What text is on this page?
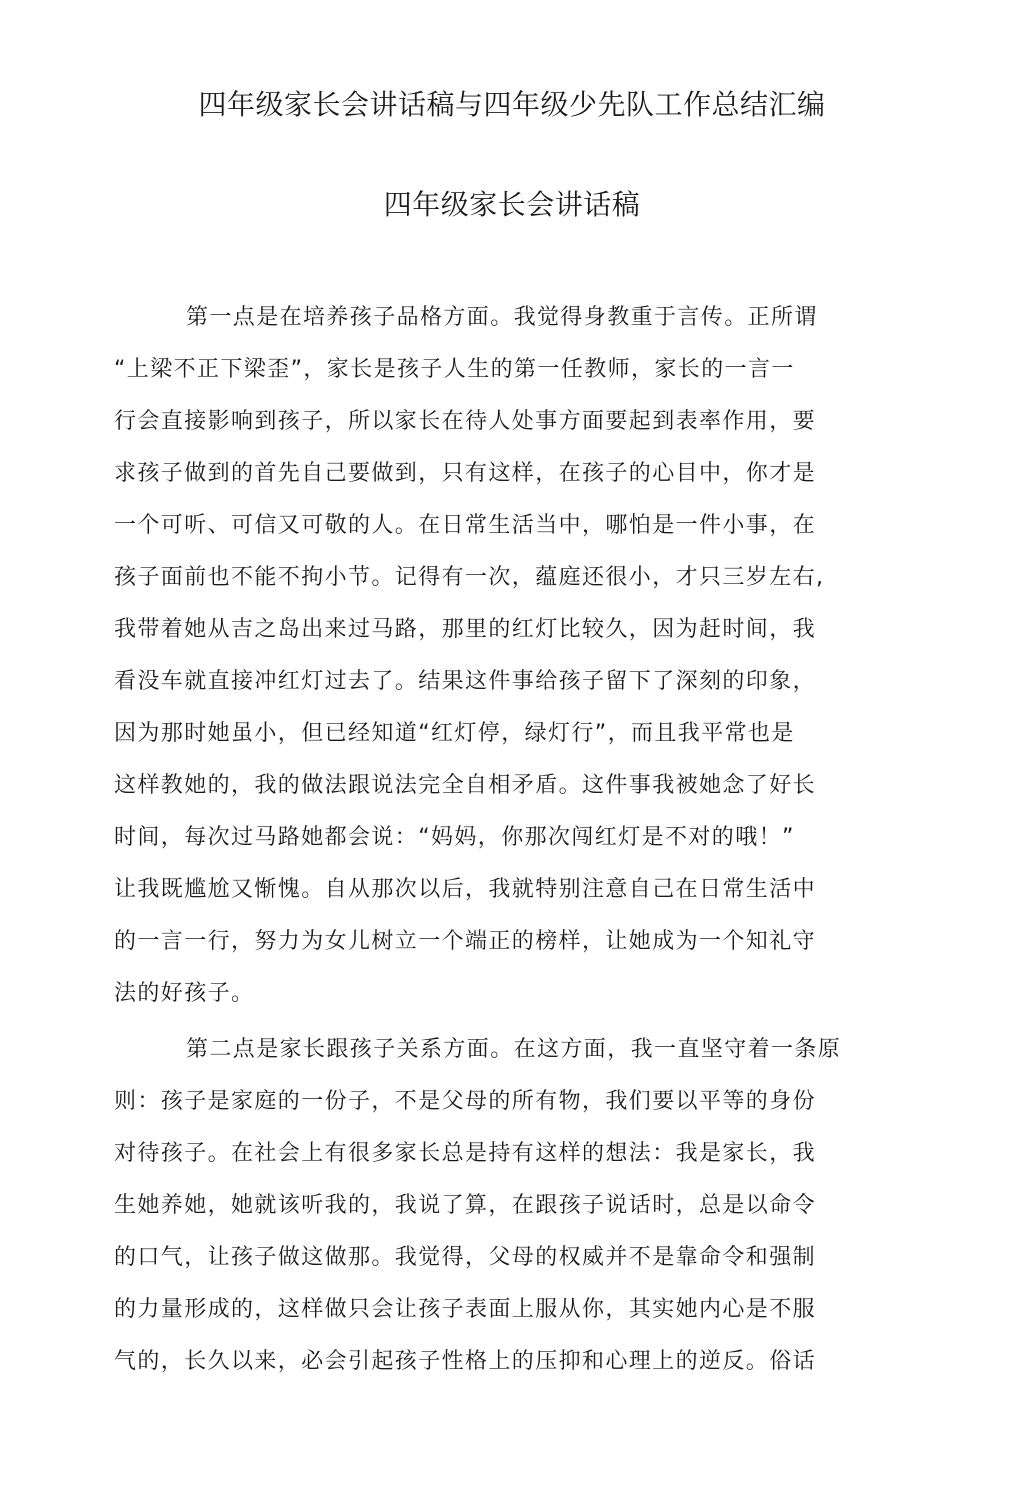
四年级家长会讲话稿与四年级少先队工作总结汇编
四年级家长会讲话稿
第一点是在培养孩子品格方面。我觉得身教重于言传。正所谓
“上梁不正下梁歪”，家长是孩子人生的第一任教师，家长的一言一
行会直接影响到孩子，所以家长在待人处事方面要起到表率作用，要
求孩子做到的首先自己要做到，只有这样，在孩子的心目中，你才是
一个可听、可信又可敬的人。在日常生活当中，哪怕是一件小事，在
孩子面前也不能不拘小节。记得有一次，蕴庭还很小，才只三岁左右,
我带着她从吉之岛出来过马路，那里的红灯比较久，因为赶时间，我
看没车就直接冲红灯过去了。结果这件事给孩子留下了深刻的印象，
因为那时她虽小，但已经知道“红灯停，绿灯行”，而且我平常也是
这样教她的，我的做法跟说法完全自相矛盾。这件事我被她念了好长
时间，每次过马路她都会说：“妈妈，你那次闯红灯是不对的哦！”
让我既尴尬又惭愧。自从那次以后，我就特别注意自己在日常生活中
的一言一行，努力为女儿树立一个端正的榜样，让她成为一个知礼守
法的好孩子。
第二点是家长跟孩子关系方面。在这方面，我一直坚守着一条原
则：孩子是家庭的一份子，不是父母的所有物，我们要以平等的身份
对待孩子。在社会上有很多家长总是持有这样的想法：我是家长，我
生她养她，她就该听我的，我说了算，在跟孩子说话时，总是以命令
的口气，让孩子做这做那。我觉得，父母的权威并不是靠命令和强制
的力量形成的，这样做只会让孩子表面上服从你，其实她内心是不服
气的，长久以来，必会引起孩子性格上的压抑和心理上的逆反。俗话
